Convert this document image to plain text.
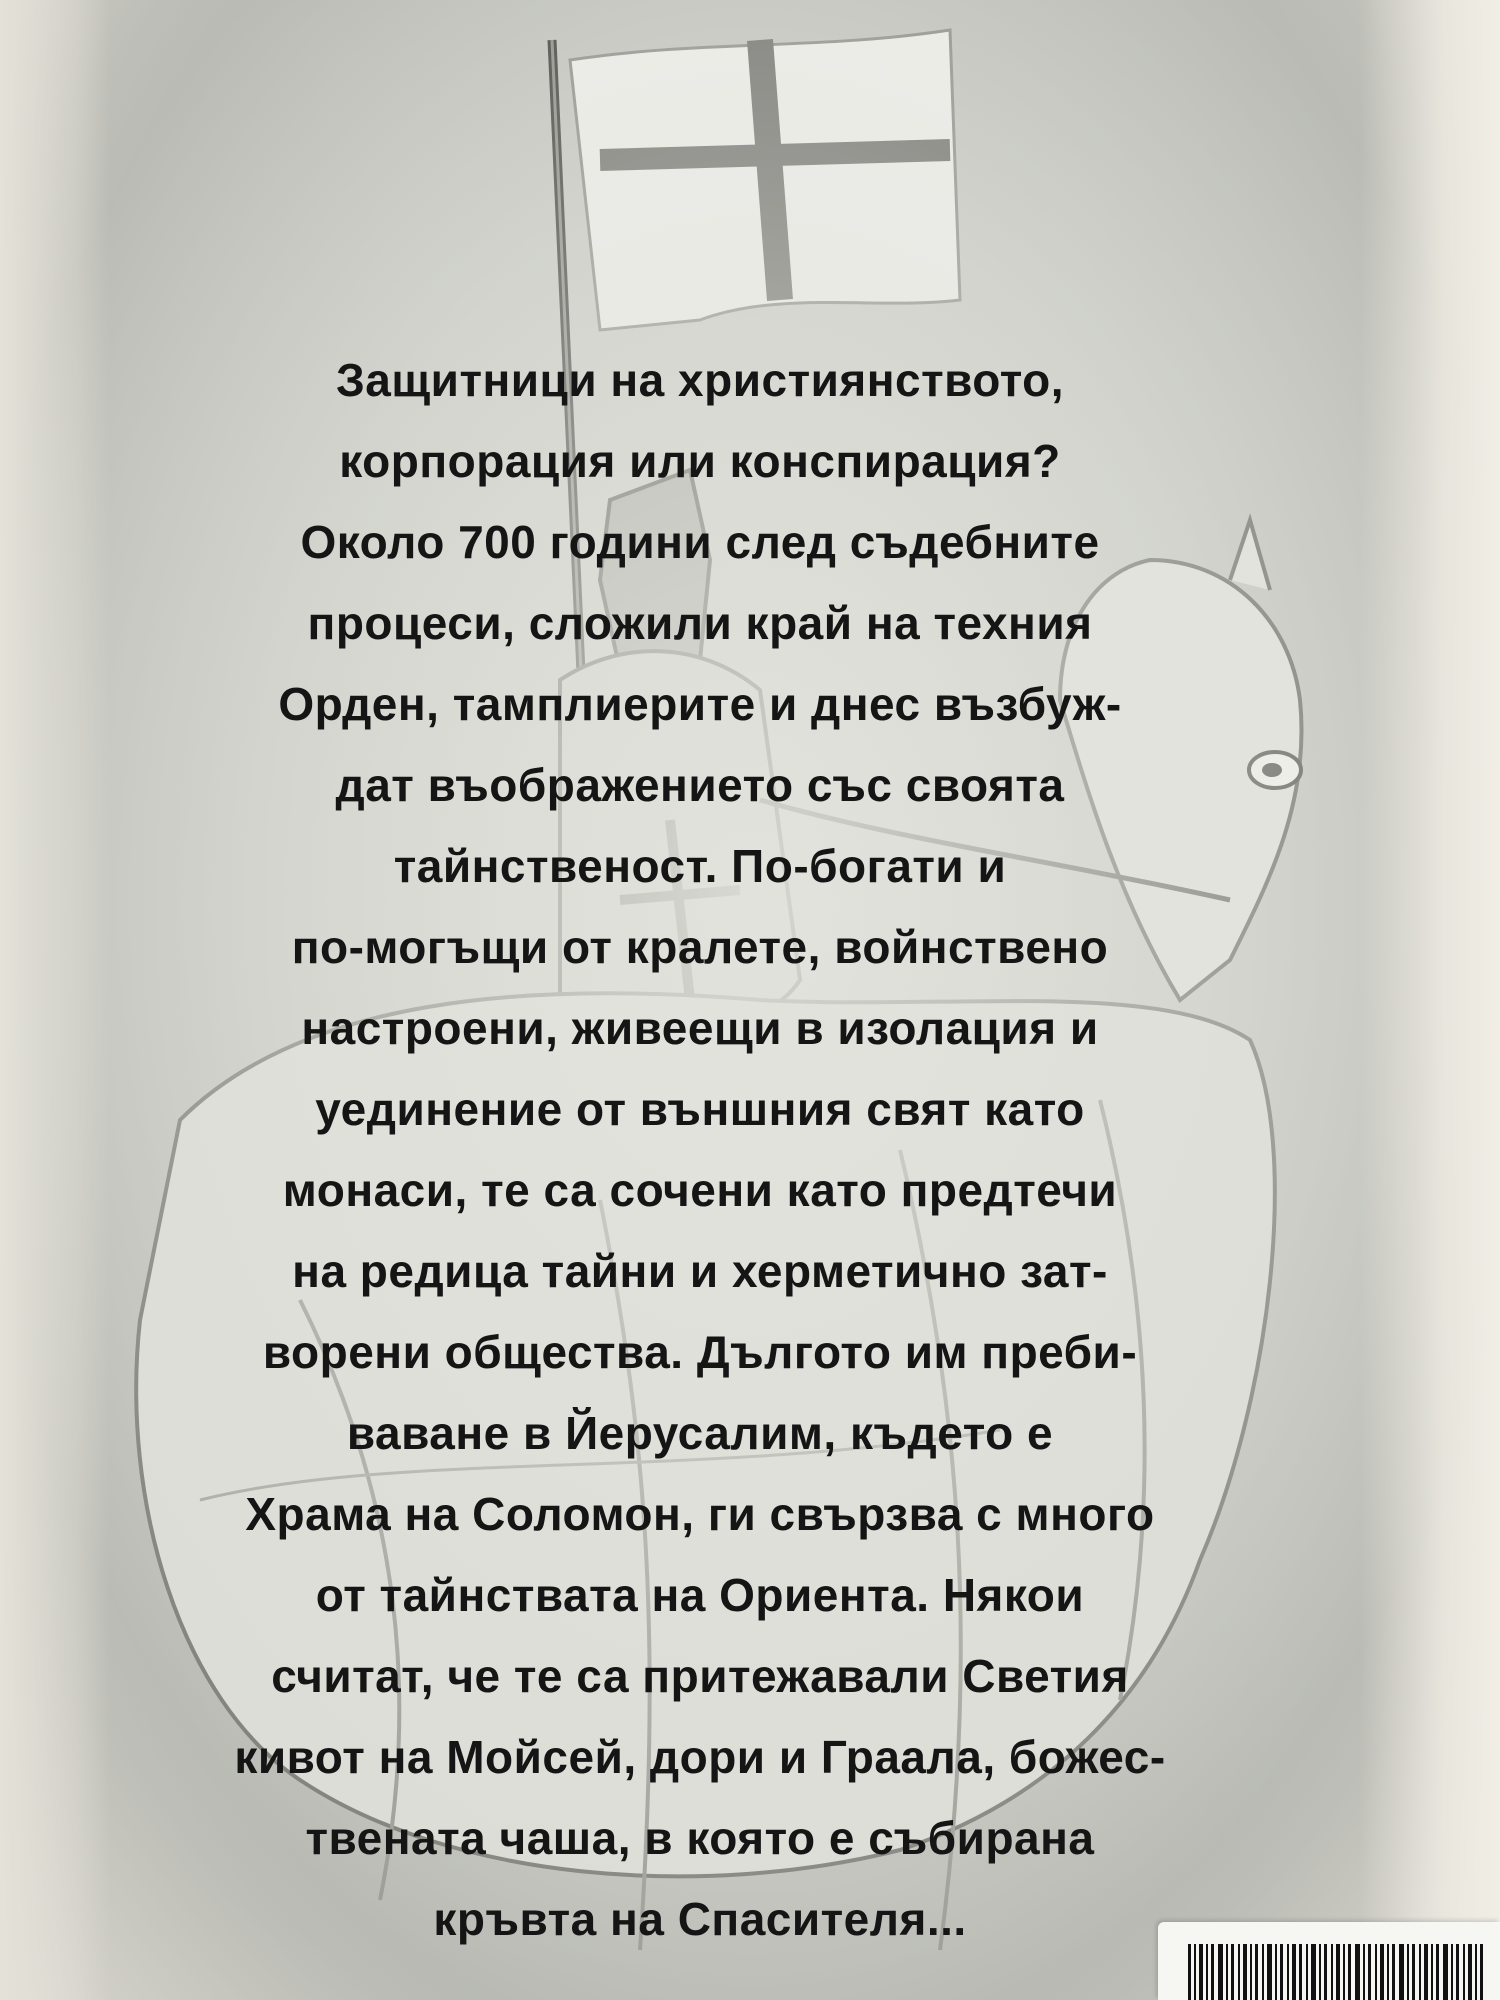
Защитници на християнството,
корпорация или конспирация?
Около 700 години след съдебните
процеси, сложили край на техния
Орден, тамплиерите и днес възбуж-
дат въображението със своята
тайнственост. По-богати и
по-могъщи от кралете, войнствено
настроени, живеещи в изолация и
уединение от външния свят като
монаси, те са сочени като предтечи
на редица тайни и херметично зат-
ворени общества. Дългото им преби-
ваване в Йерусалим, където е
Храма на Соломон, ги свързва с много
от тайнствата на Ориента. Някои
считат, че те са притежавали Светия
кивот на Мойсей, дори и Граала, божес-
твената чаша, в която е събирана
кръвта на Спасителя...
